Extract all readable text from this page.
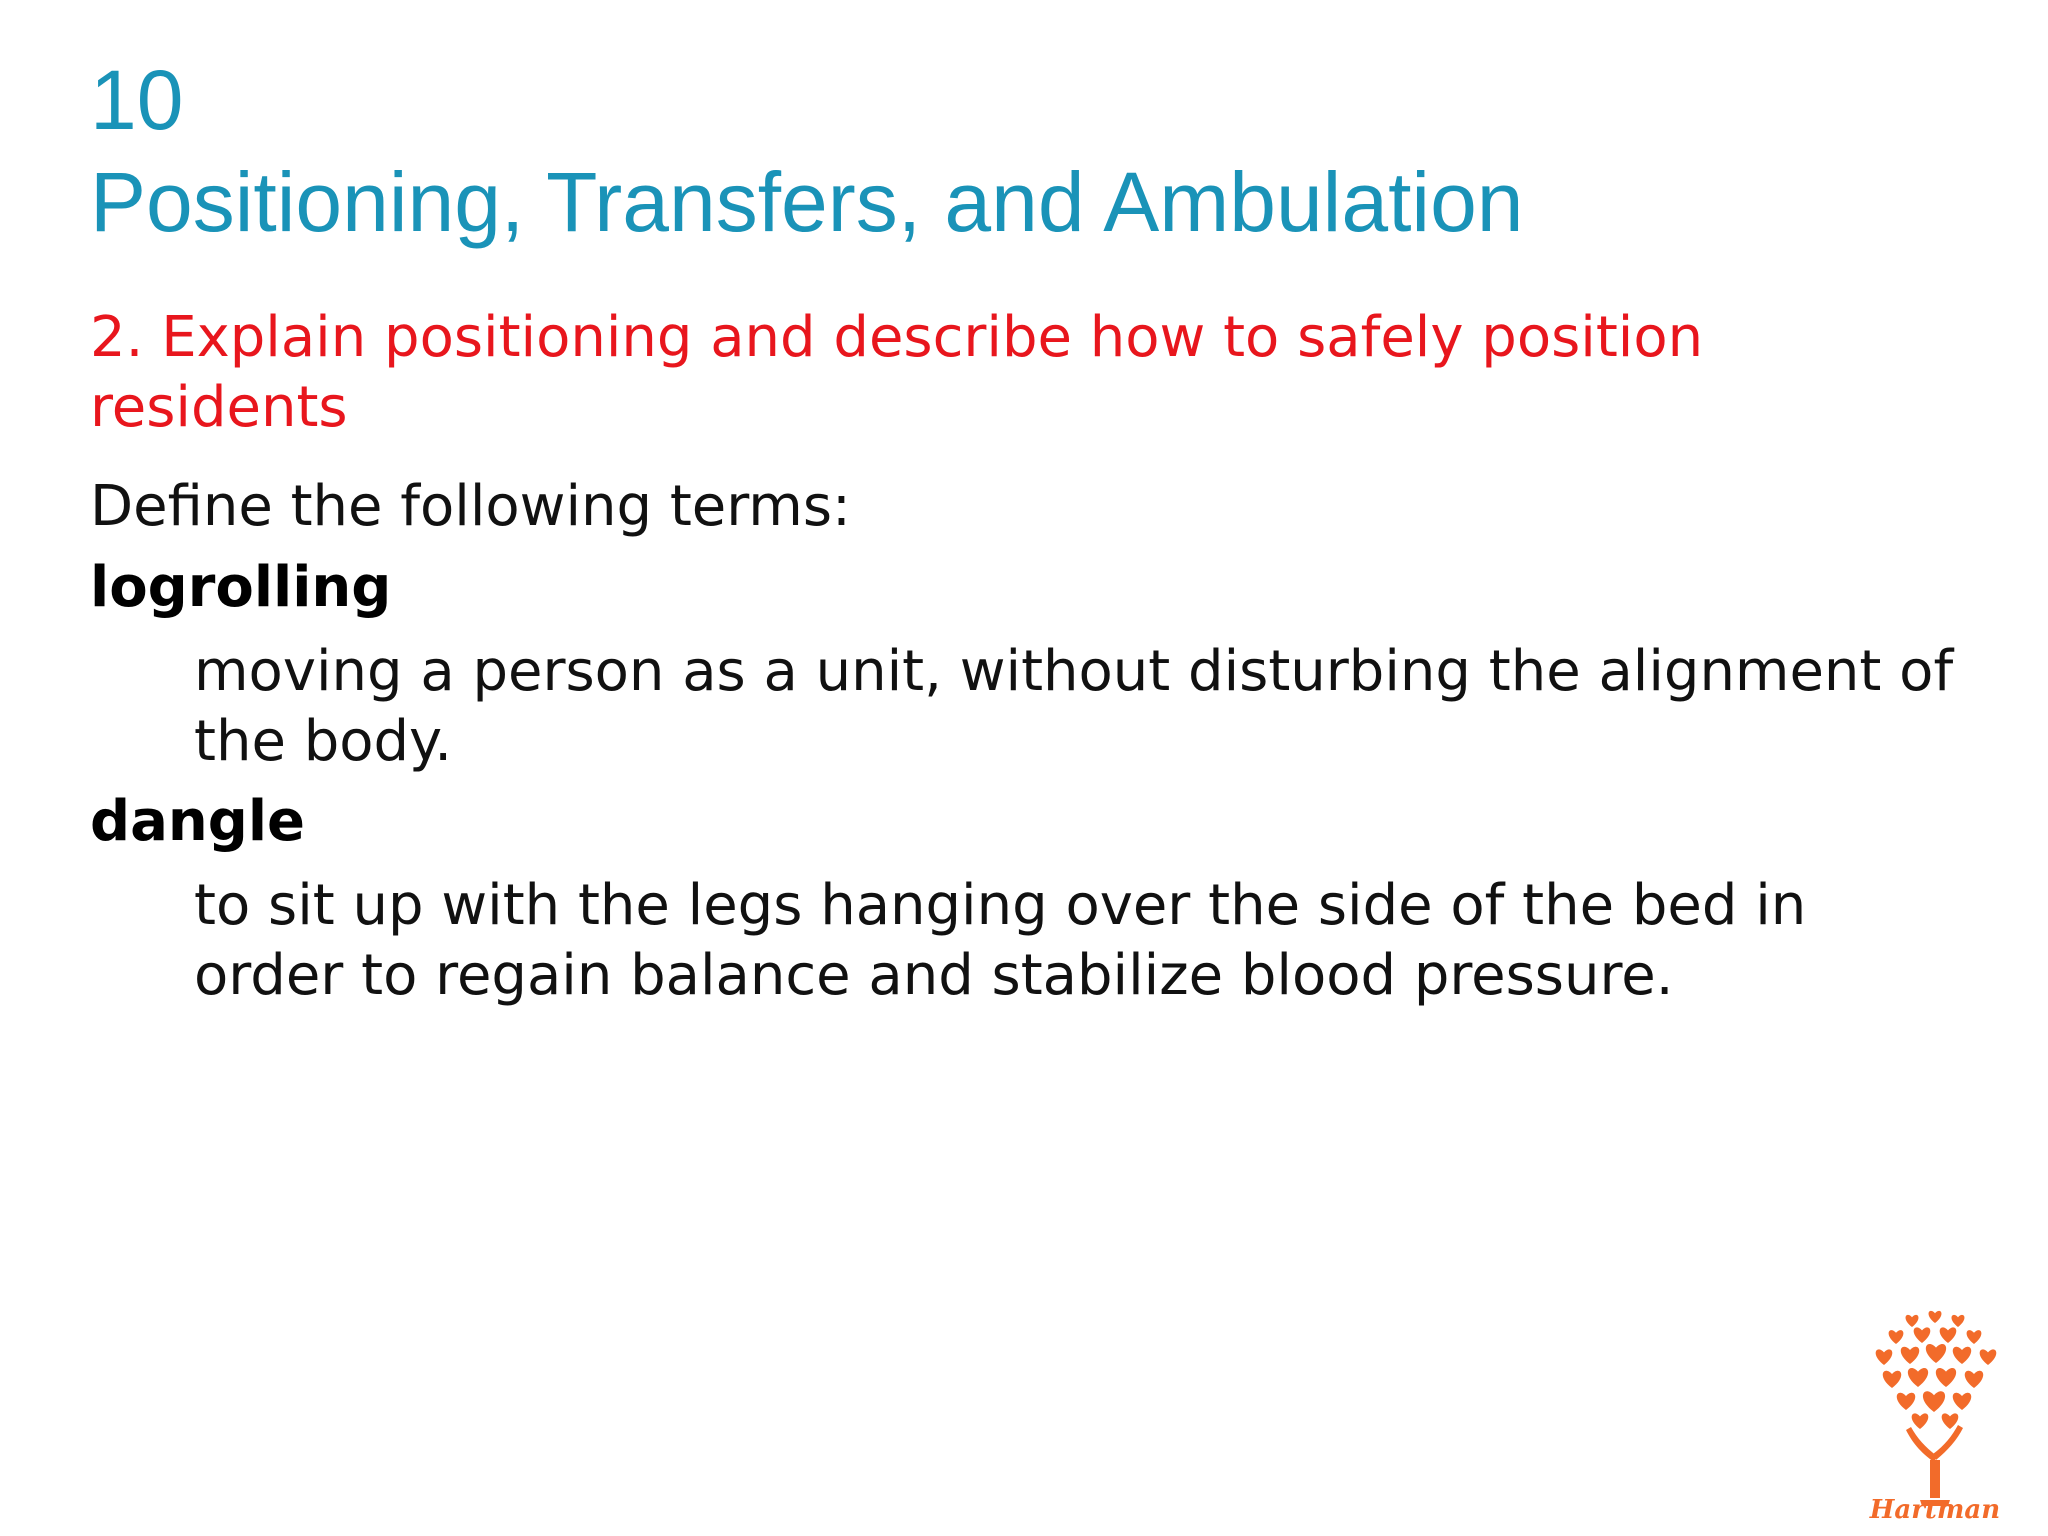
10
Positioning, Transfers, and Ambulation

2. Explain positioning and describe how to safely position residents

Define the following terms:

logrolling

moving a person as a unit, without disturbing the alignment of the body.

dangle

to sit up with the legs hanging over the side of the bed in order to regain balance and stabilize blood pressure.

Hartman
